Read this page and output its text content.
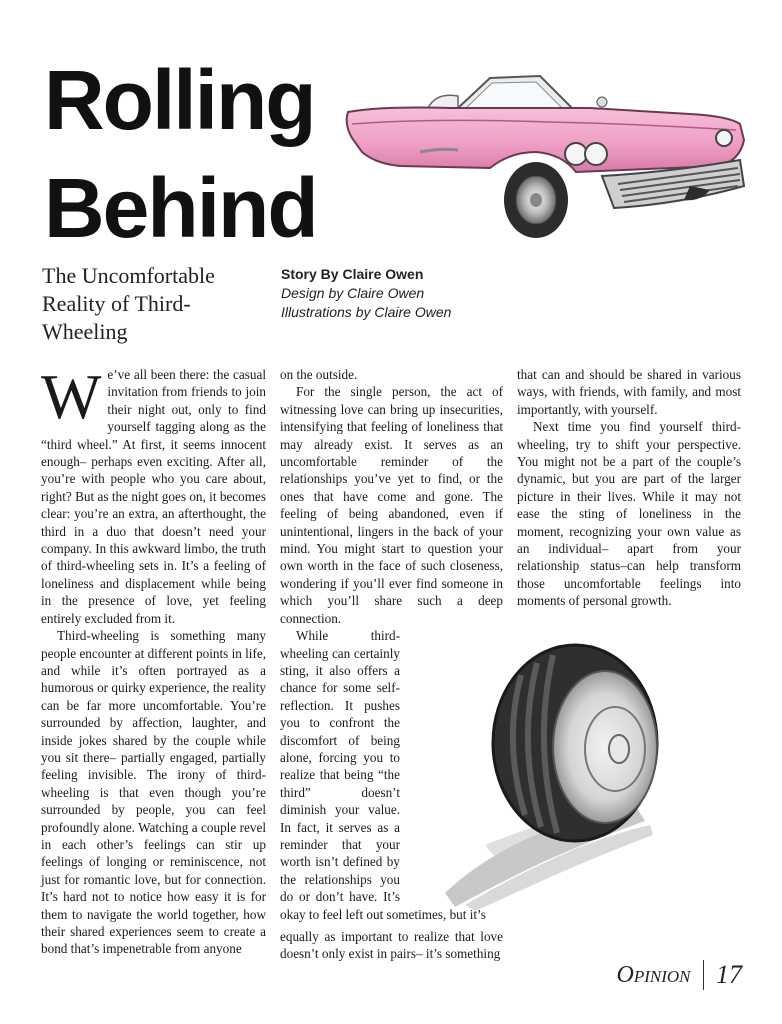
Rolling
Behind
The Uncomfortable Reality of Third-Wheeling
Story By Claire Owen
Design by Claire Owen
Illustrations by Claire Owen

We’ve all been there: the casual invitation from friends to join their night out, only to find yourself tagging along as the “third wheel.” At first, it seems innocent enough– perhaps even exciting. After all, you’re with people who you care about, right? But as the night goes on, it becomes clear: you’re an extra, an afterthought, the third in a duo that doesn’t need your company. In this awkward limbo, the truth of third-wheeling sets in. It’s a feeling of loneliness and displacement while being in the presence of love, yet feeling entirely excluded from it.

Third-wheeling is something many people encounter at different points in life, and while it’s often portrayed as a humorous or quirky experience, the reality can be far more uncomfortable. You’re surrounded by affection, laughter, and inside jokes shared by the couple while you sit there– partially engaged, partially feeling invisible. The irony of third-wheeling is that even though you’re surrounded by people, you can feel profoundly alone. Watching a couple revel in each other’s feelings can stir up feelings of longing or reminiscence, not just for romantic love, but for connection. It’s hard not to notice how easy it is for them to navigate the world together, how their shared experiences seem to create a bond that’s impenetrable from anyone

on the outside.

For the single person, the act of witnessing love can bring up insecurities, intensifying that feeling of loneliness that may already exist. It serves as an uncomfortable reminder of the relationships you’ve yet to find, or the ones that have come and gone. The feeling of being abandoned, even if unintentional, lingers in the back of your mind. You might start to question your own worth in the face of such closeness, wondering if you’ll ever find someone in which you’ll share such a deep connection.

While third-wheeling can certainly sting, it also offers a chance for some self-reflection. It pushes you to confront the discomfort of being alone, forcing you to realize that being “the third” doesn’t diminish your value. In fact, it serves as a reminder that your worth isn’t defined by the relationships you do or don’t have. It’s okay to feel left out sometimes, but it’s

equally as important to realize that love doesn’t only exist in pairs– it’s something

that can and should be shared in various ways, with friends, with family, and most importantly, with yourself.

Next time you find yourself third-wheeling, try to shift your perspective. You might not be a part of the couple’s dynamic, but you are part of the larger picture in their lives. While it may not ease the sting of loneliness in the moment, recognizing your own value as an individual– apart from your relationship status–can help transform those uncomfortable feelings into moments of personal growth.

Opinion 17
